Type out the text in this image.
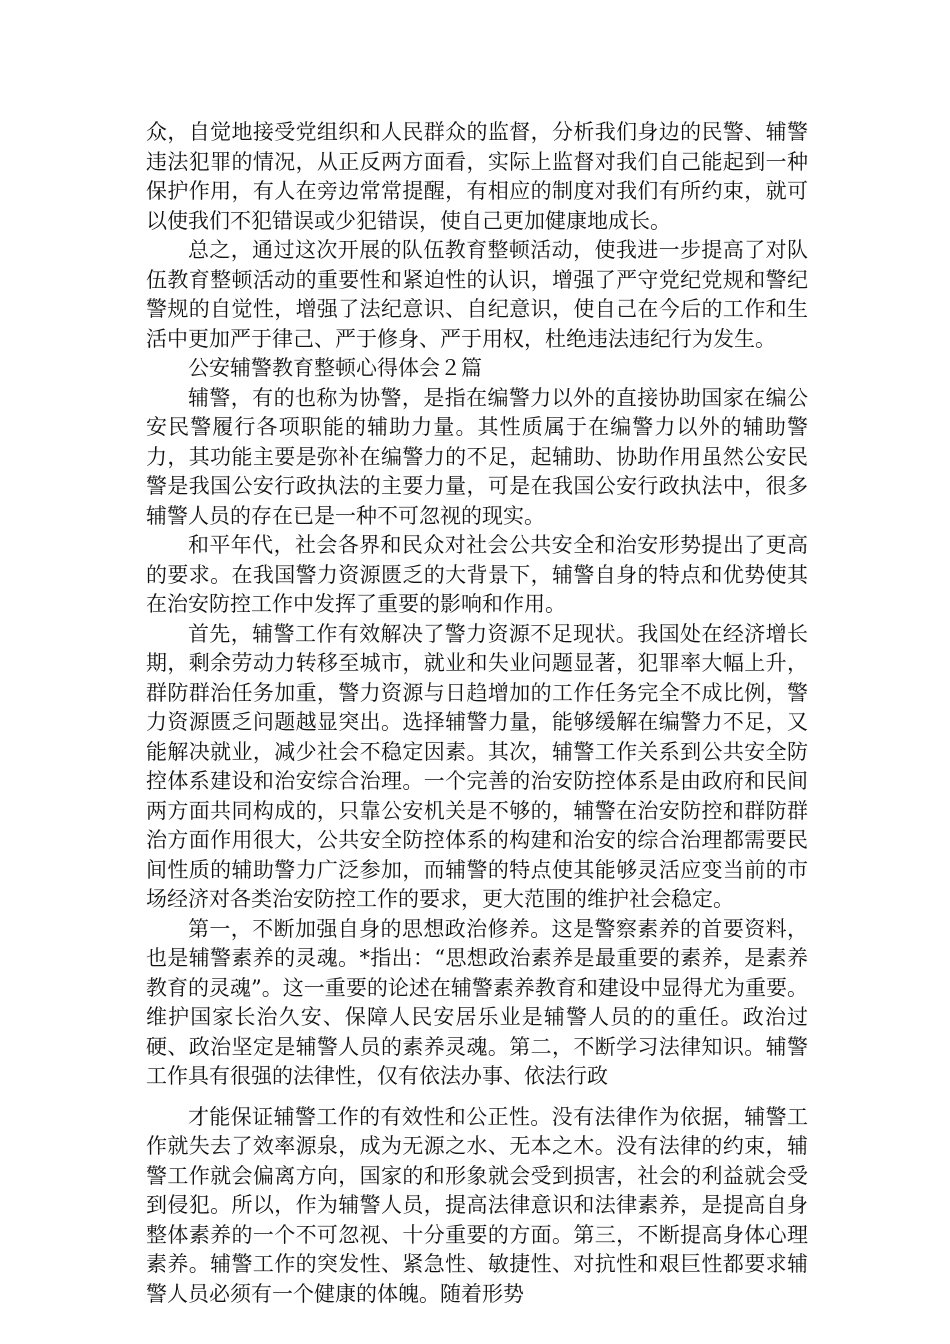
众，自觉地接受党组织和人民群众的监督，分析我们身边的民警、辅警违法犯罪的情况，从正反两方面看，实际上监督对我们自己能起到一种保护作用，有人在旁边常常提醒，有相应的制度对我们有所约束，就可以使我们不犯错误或少犯错误，使自己更加健康地成长。

总之，通过这次开展的队伍教育整顿活动，使我进一步提高了对队伍教育整顿活动的重要性和紧迫性的认识，增强了严守党纪党规和警纪警规的自觉性，增强了法纪意识、自纪意识，使自己在今后的工作和生活中更加严于律己、严于修身、严于用权，杜绝违法违纪行为发生。

公安辅警教育整顿心得体会２篇

辅警，有的也称为协警，是指在编警力以外的直接协助国家在编公安民警履行各项职能的辅助力量。其性质属于在编警力以外的辅助警力，其功能主要是弥补在编警力的不足，起辅助、协助作用虽然公安民警是我国公安行政执法的主要力量，可是在我国公安行政执法中，很多辅警人员的存在已是一种不可忽视的现实。

和平年代，社会各界和民众对社会公共安全和治安形势提出了更高的要求。在我国警力资源匮乏的大背景下，辅警自身的特点和优势使其在治安防控工作中发挥了重要的影响和作用。

首先，辅警工作有效解决了警力资源不足现状。我国处在经济增长期，剩余劳动力转移至城市，就业和失业问题显著，犯罪率大幅上升，群防群治任务加重，警力资源与日趋增加的工作任务完全不成比例，警力资源匮乏问题越显突出。选择辅警力量，能够缓解在编警力不足，又能解决就业，减少社会不稳定因素。其次，辅警工作关系到公共安全防控体系建设和治安综合治理。一个完善的治安防控体系是由政府和民间两方面共同构成的，只靠公安机关是不够的，辅警在治安防控和群防群治方面作用很大，公共安全防控体系的构建和治安的综合治理都需要民间性质的辅助警力广泛参加，而辅警的特点使其能够灵活应变当前的市场经济对各类治安防控工作的要求，更大范围的维护社会稳定。

第一，不断加强自身的思想政治修养。这是警察素养的首要资料，也是辅警素养的灵魂。*指出：“思想政治素养是最重要的素养，是素养教育的灵魂”。这一重要的论述在辅警素养教育和建设中显得尤为重要。维护国家长治久安、保障人民安居乐业是辅警人员的的重任。政治过硬、政治坚定是辅警人员的素养灵魂。第二，不断学习法律知识。辅警工作具有很强的法律性，仅有依法办事、依法行政

才能保证辅警工作的有效性和公正性。没有法律作为依据，辅警工作就失去了效率源泉，成为无源之水、无本之木。没有法律的约束，辅警工作就会偏离方向，国家的和形象就会受到损害，社会的利益就会受到侵犯。所以，作为辅警人员，提高法律意识和法律素养，是提高自身整体素养的一个不可忽视、十分重要的方面。第三，不断提高身体心理素养。辅警工作的突发性、紧急性、敏捷性、对抗性和艰巨性都要求辅警人员必须有一个健康的体魄。随着形势
